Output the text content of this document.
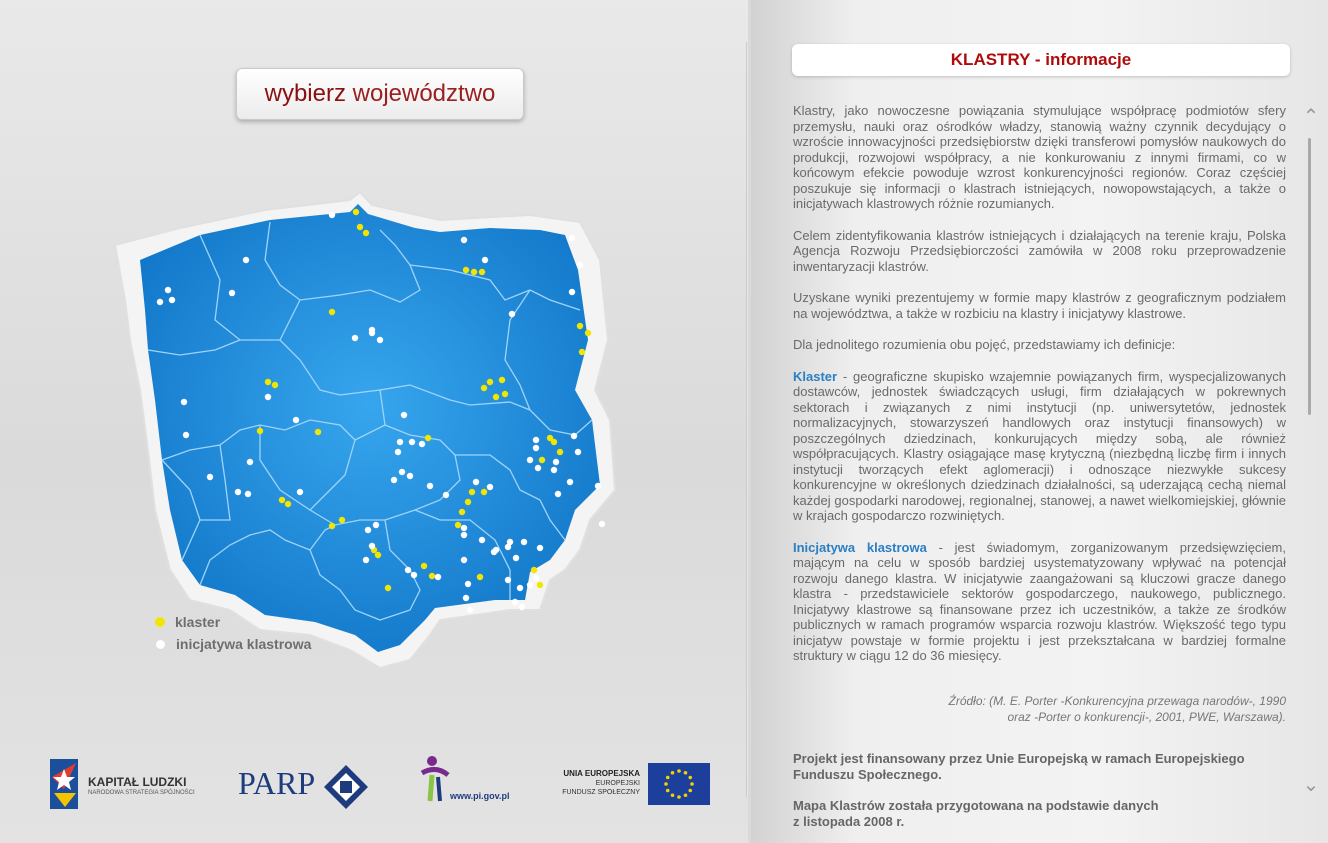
wybierz województwo
klaster
inicjatywa klastrowa
KAPITAŁ LUDZKI
NARODOWA STRATEGIA SPÓJNOŚCI PARP	www.pi.gov.pl
UNIA EUROPEJSKA
EUROPEJSKI
FUNDUSZ SPOŁECZNY
KLASTRY - informacje

Klastry, jako nowoczesne powiązania stymulujące współpracę podmiotów sfery przemysłu, nauki oraz ośrodków władzy, stanowią ważny czynnik decydujący o wzroście innowacyjności przedsiębiorstw dzięki transferowi pomysłów naukowych do produkcji, rozwojowi współpracy, a nie konkurowaniu z innymi firmami, co w końcowym efekcie powoduje wzrost konkurencyjności regionów. Coraz częściej poszukuje się informacji o klastrach istniejących, nowopowstających, a także o inicjatywach klastrowych różnie rozumianych.

Celem zidentyfikowania klastrów istniejących i działających na terenie kraju, Polska Agencja Rozwoju Przedsiębiorczości zamówiła w 2008 roku przeprowadzenie inwentaryzacji klastrów.

Uzyskane wyniki prezentujemy w formie mapy klastrów z geograficznym podziałem na województwa, a także w rozbiciu na klastry i inicjatywy klastrowe.

Dla jednolitego rozumienia obu pojęć, przedstawiamy ich definicje:

Klaster - geograficzne skupisko wzajemnie powiązanych firm, wyspecjalizowanych dostawców, jednostek świadczących usługi, firm działających w pokrewnych sektorach i związanych z nimi instytucji (np. uniwersytetów, jednostek normalizacyjnych, stowarzyszeń handlowych oraz instytucji finansowych) w poszczególnych dziedzinach, konkurujących między sobą, ale również współpracujących. Klastry osiągające masę krytyczną (niezbędną liczbę firm i innych instytucji tworzących efekt aglomeracji) i odnoszące niezwykłe sukcesy konkurencyjne w określonych dziedzinach działalności, są uderzającą cechą niemal każdej gospodarki narodowej, regionalnej, stanowej, a nawet wielkomiejskiej, głównie w krajach gospodarczo rozwiniętych.

Inicjatywa klastrowa - jest świadomym, zorganizowanym przedsięwzięciem, mającym na celu w sposób bardziej usystematyzowany wpływać na potencjał rozwoju danego klastra. W inicjatywie zaangażowani są kluczowi gracze danego klastra - przedstawiciele sektorów gospodarczego, naukowego, publicznego. Inicjatywy klastrowe są finansowane przez ich uczestników, a także ze środków publicznych w ramach programów wsparcia rozwoju klastrów. Większość tego typu inicjatyw powstaje w formie projektu i jest przekształcana w bardziej formalne struktury w ciągu 12 do 36 miesięcy.

Źródło: (M. E. Porter -Konkurencyjna przewaga narodów-, 1990
oraz -Porter o konkurencji-, 2001, PWE, Warszawa).
Projekt jest finansowany przez Unie Europejską w ramach Europejskiego
Funduszu Społecznego.
Mapa Klastrów została przygotowana na podstawie danych
z listopada 2008 r.
⌃
⌄
